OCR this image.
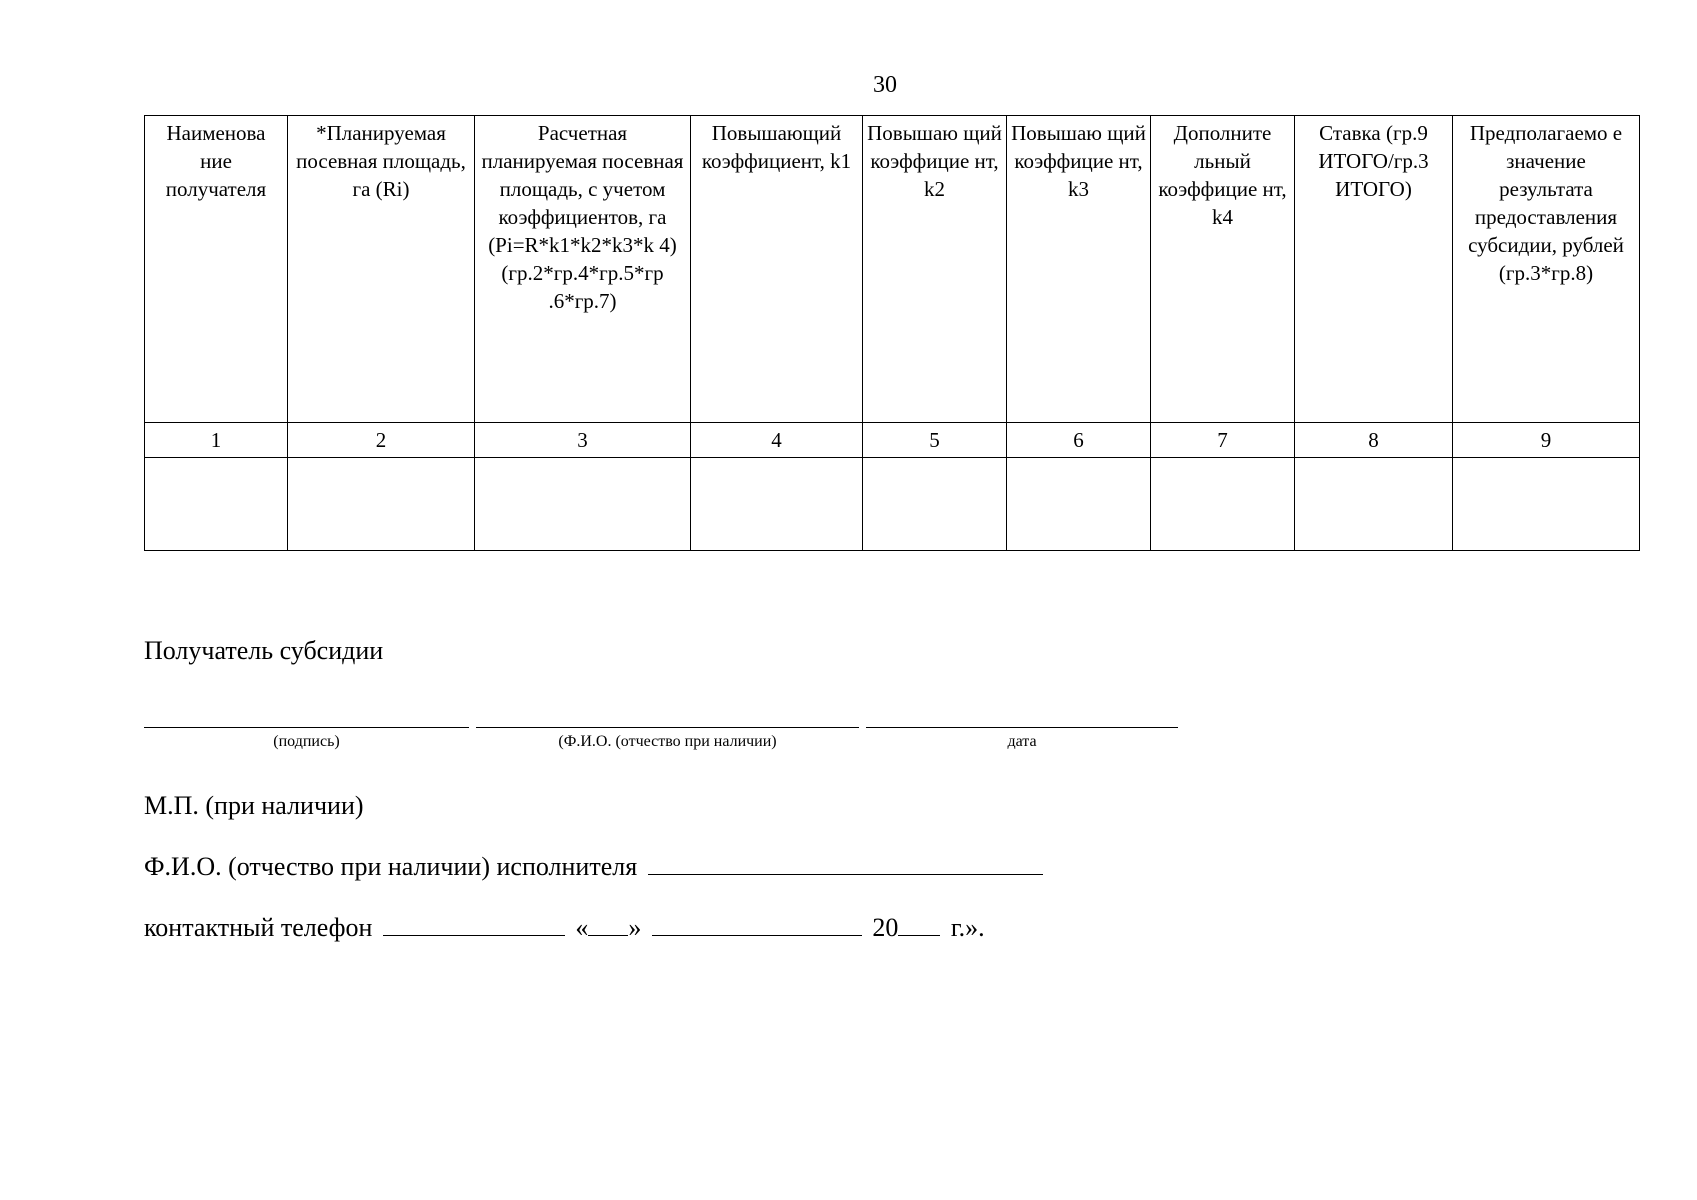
30
Наименова ние получателя	*Планируемая посевная площадь, га (Ri)	Расчетная планируемая посевная площадь, с учетом коэффициентов, га (Pi=R*k1*k2*k3*k 4) (гр.2*гр.4*гр.5*гр .6*гр.7)	Повышающий коэффициент, k1	Повышаю щий коэффицие нт, k2	Повышаю щий коэффицие нт, k3	Дополните льный коэффицие нт, k4	Ставка (гр.9 ИТОГО/гр.3 ИТОГО)	Предполагаемо е значение результата предоставления субсидии, рублей (гр.3*гр.8)
1	2	3	4	5	6	7	8	9

Получатель субсидии
(подпись)	(Ф.И.О. (отчество при наличии)	дата
М.П. (при наличии)
Ф.И.О. (отчество при наличии) исполнителя
контактный телефон	« »	20 г.».
